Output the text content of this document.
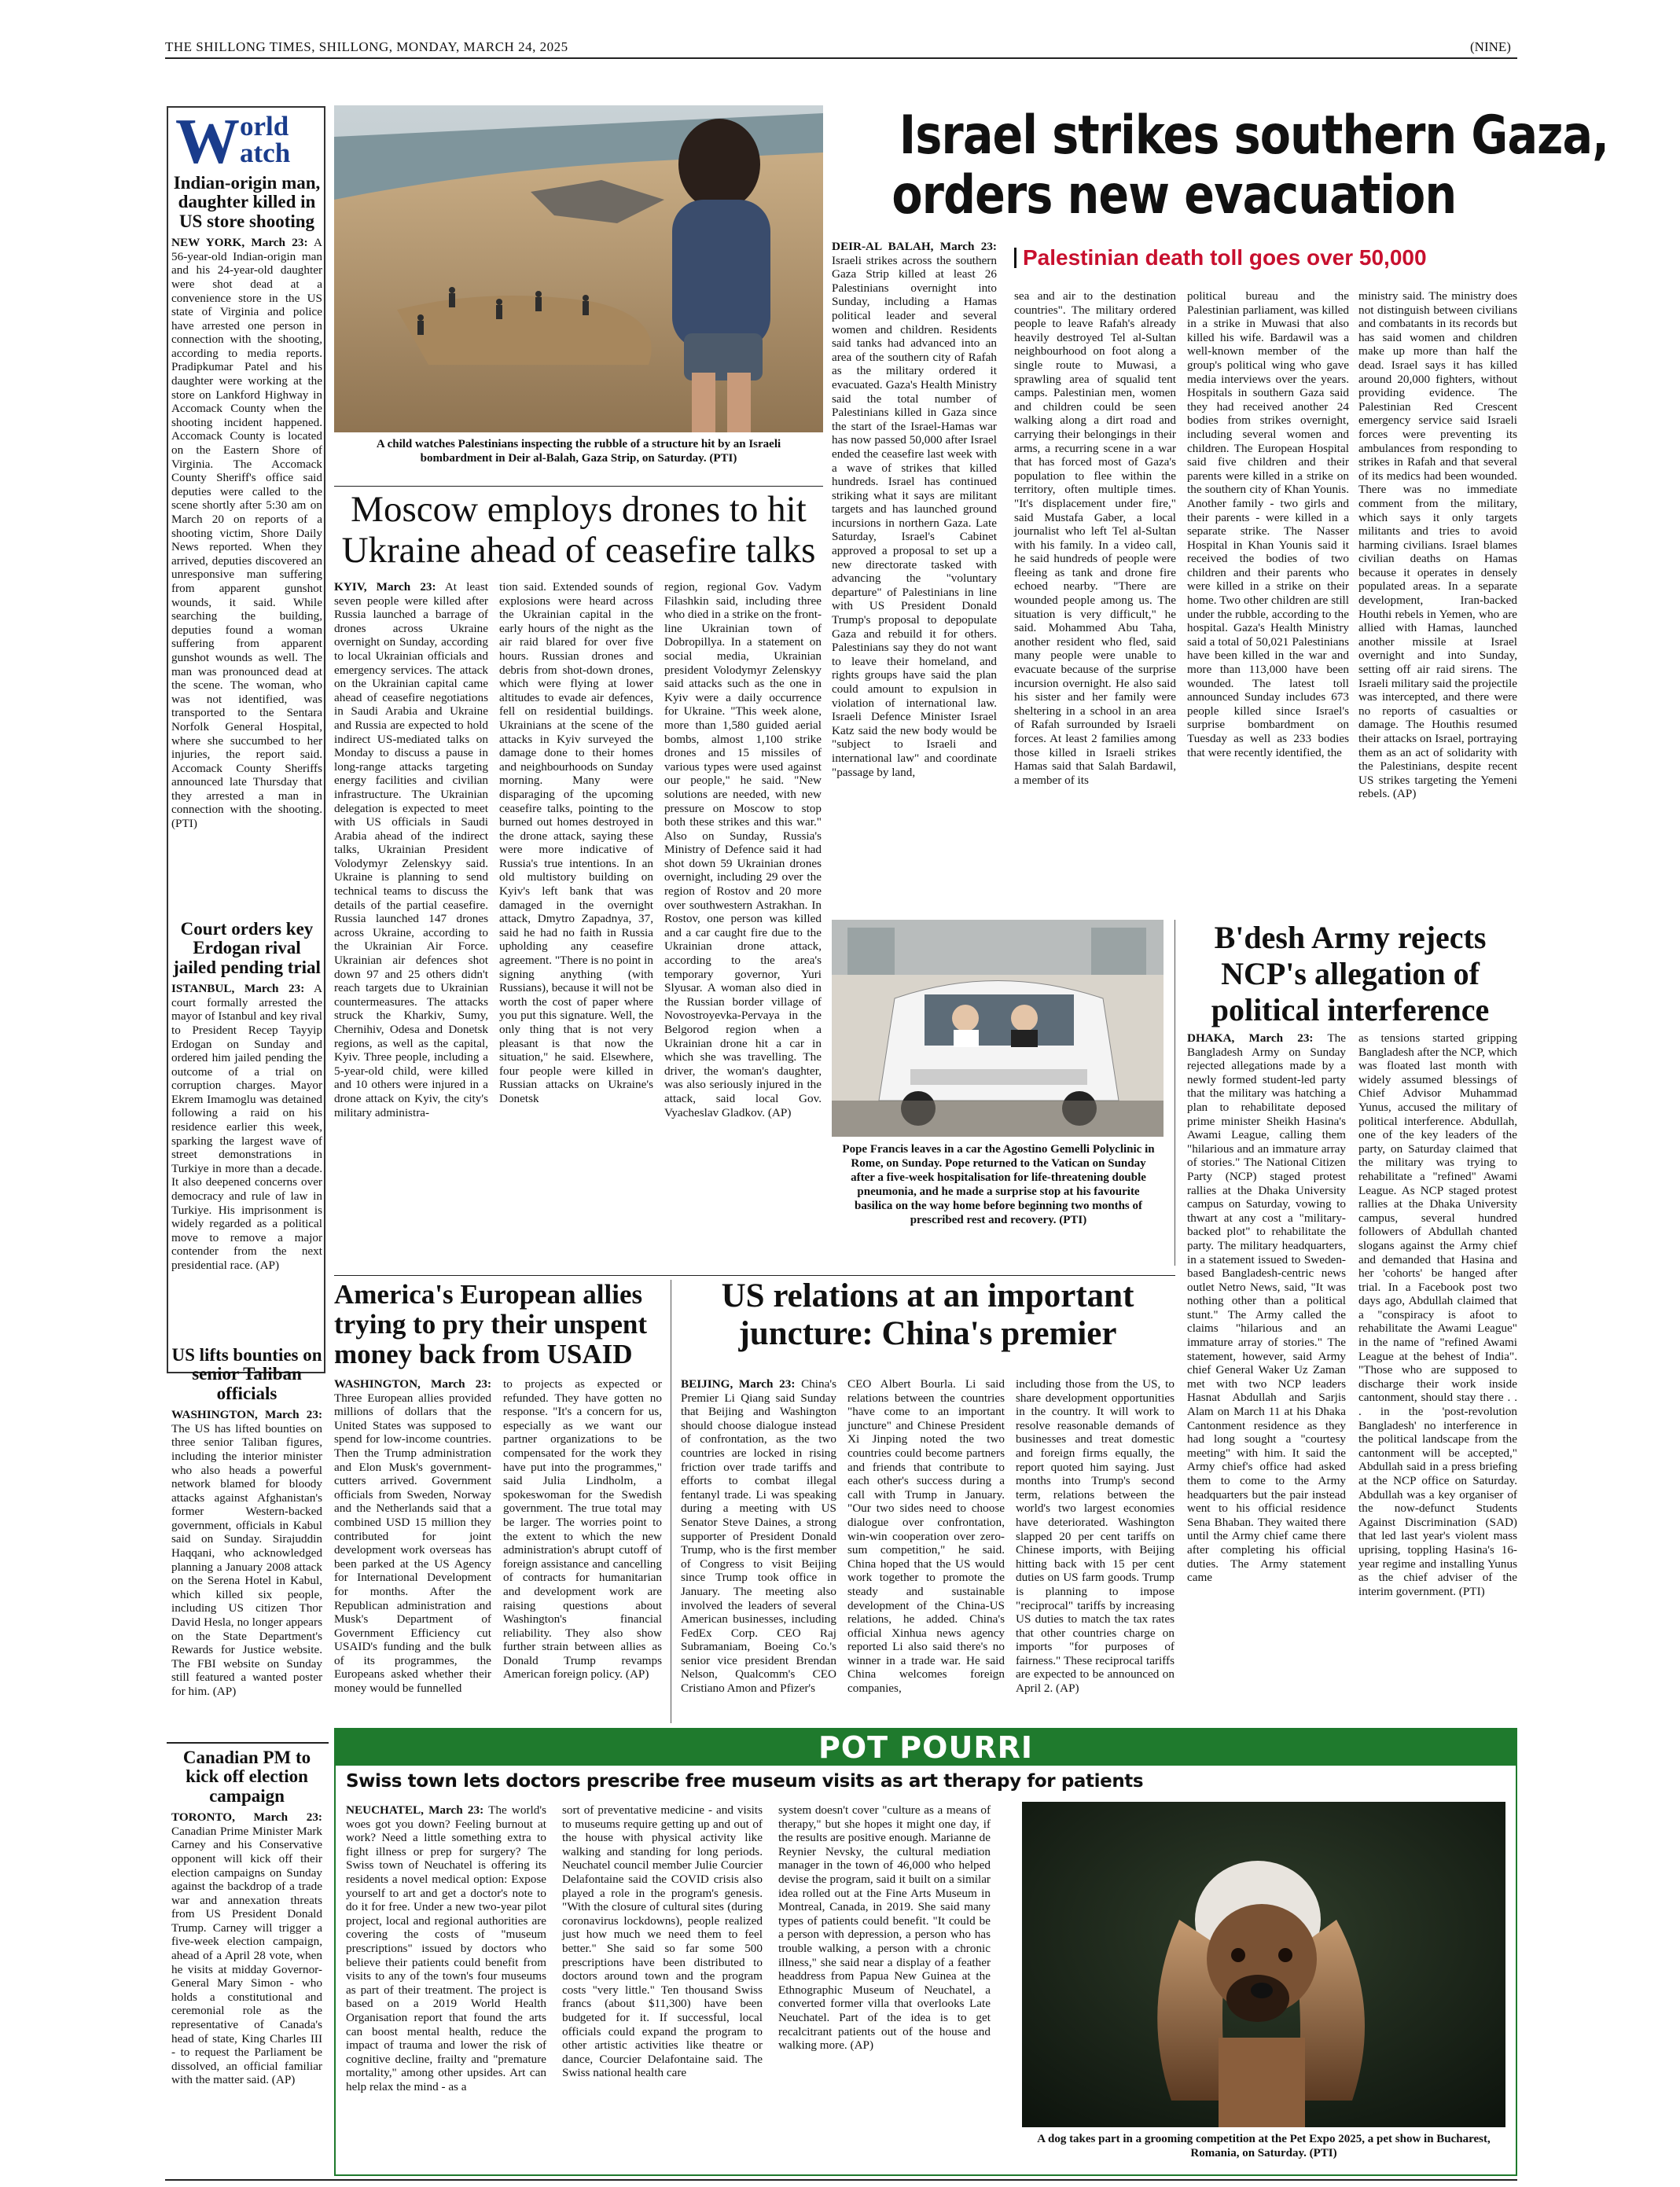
THE SHILLONG TIMES, SHILLONG, MONDAY, MARCH 24, 2025	(NINE)
W orld
atch
Indian-origin man, daughter killed in US store shooting
NEW YORK, March 23: A 56-year-old Indian-origin man and his 24-year-old daughter were shot dead at a convenience store in the US state of Virginia and police have arrested one person in connection with the shooting, according to media reports. Pradipkumar Patel and his daughter were working at the store on Lankford Highway in Accomack County when the shooting incident happened. Accomack County is located on the Eastern Shore of Virginia. The Accomack County Sheriff's office said deputies were called to the scene shortly after 5:30 am on March 20 on reports of a shooting victim, Shore Daily News reported. When they arrived, deputies discovered an unresponsive man suffering from apparent gunshot wounds, it said. While searching the building, deputies found a woman suffering from apparent gunshot wounds as well. The man was pronounced dead at the scene. The woman, who was not identified, was transported to the Sentara Norfolk General Hospital, where she succumbed to her injuries, the report said. Accomack County Sheriffs announced late Thursday that they arrested a man in connection with the shooting. (PTI)
Court orders key Erdogan rival jailed pending trial
ISTANBUL, March 23: A court formally arrested the mayor of Istanbul and key rival to President Recep Tayyip Erdogan on Sunday and ordered him jailed pending the outcome of a trial on corruption charges. Mayor Ekrem Imamoglu was detained following a raid on his residence earlier this week, sparking the largest wave of street demonstrations in Turkiye in more than a decade. It also deepened concerns over democracy and rule of law in Turkiye. His imprisonment is widely regarded as a political move to remove a major contender from the next presidential race. (AP)
US lifts bounties on senior Taliban officials
WASHINGTON, March 23: The US has lifted bounties on three senior Taliban figures, including the interior minister who also heads a powerful network blamed for bloody attacks against Afghanistan's former Western-backed government, officials in Kabul said on Sunday. Sirajuddin Haqqani, who acknowledged planning a January 2008 attack on the Serena Hotel in Kabul, which killed six people, including US citizen Thor David Hesla, no longer appears on the State Department's Rewards for Justice website. The FBI website on Sunday still featured a wanted poster for him. (AP)
Canadian PM to kick off election campaign
TORONTO, March 23: Canadian Prime Minister Mark Carney and his Conservative opponent will kick off their election campaigns on Sunday against the backdrop of a trade war and annexation threats from US President Donald Trump. Carney will trigger a five-week election campaign, ahead of a April 28 vote, when he visits at midday Governor-General Mary Simon - who holds a constitutional and ceremonial role as the representative of Canada's head of state, King Charles III - to request the Parliament be dissolved, an official familiar with the matter said. (AP)
A child watches Palestinians inspecting the rubble of a structure hit by an Israeli bombardment in Deir al-Balah, Gaza Strip, on Saturday. (PTI)
Israel strikes southern Gaza, orders new evacuation
Palestinian death toll goes over 50,000
DEIR-AL BALAH, March 23: Israeli strikes across the southern Gaza Strip killed at least 26 Palestinians overnight into Sunday, including a Hamas political leader and several women and children. Residents said tanks had advanced into an area of the southern city of Rafah as the military ordered it evacuated. Gaza's Health Ministry said the total number of Palestinians killed in Gaza since the start of the Israel-Hamas war has now passed 50,000 after Israel ended the ceasefire last week with a wave of strikes that killed hundreds. Israel has continued striking what it says are militant targets and has launched ground incursions in northern Gaza. Late Saturday, Israel's Cabinet approved a proposal to set up a new directorate tasked with advancing the "voluntary departure" of Palestinians in line with US President Donald Trump's proposal to depopulate Gaza and rebuild it for others. Palestinians say they do not want to leave their homeland, and rights groups have said the plan could amount to expulsion in violation of international law. Israeli Defence Minister Israel Katz said the new body would be "subject to Israeli and international law" and coordinate "passage by land,
sea and air to the destination countries". The military ordered people to leave Rafah's already heavily destroyed Tel al-Sultan neighbourhood on foot along a single route to Muwasi, a sprawling area of squalid tent camps. Palestinian men, women and children could be seen walking along a dirt road and carrying their belongings in their arms, a recurring scene in a war that has forced most of Gaza's population to flee within the territory, often multiple times. "It's displacement under fire," said Mustafa Gaber, a local journalist who left Tel al-Sultan with his family. In a video call, he said hundreds of people were fleeing as tank and drone fire echoed nearby. "There are wounded people among us. The situation is very difficult," he said. Mohammed Abu Taha, another resident who fled, said many people were unable to evacuate because of the surprise incursion overnight. He also said his sister and her family were sheltering in a school in an area of Rafah surrounded by Israeli forces. At least 2 families among those killed in Israeli strikes Hamas said that Salah Bardawil, a member of its
political bureau and the Palestinian parliament, was killed in a strike in Muwasi that also killed his wife. Bardawil was a well-known member of the group's political wing who gave media interviews over the years. Hospitals in southern Gaza said they had received another 24 bodies from strikes overnight, including several women and children. The European Hospital said five children and their parents were killed in a strike on the southern city of Khan Younis. Another family - two girls and their parents - were killed in a separate strike. The Nasser Hospital in Khan Younis said it received the bodies of two children and their parents who were killed in a strike on their home. Two other children are still under the rubble, according to the hospital. Gaza's Health Ministry said a total of 50,021 Palestinians have been killed in the war and more than 113,000 have been wounded. The latest toll announced Sunday includes 673 people killed since Israel's surprise bombardment on Tuesday as well as 233 bodies that were recently identified, the
ministry said. The ministry does not distinguish between civilians and combatants in its records but has said women and children make up more than half the dead. Israel says it has killed around 20,000 fighters, without providing evidence. The Palestinian Red Crescent emergency service said Israeli forces were preventing its ambulances from responding to strikes in Rafah and that several of its medics had been wounded. There was no immediate comment from the military, which says it only targets militants and tries to avoid harming civilians. Israel blames civilian deaths on Hamas because it operates in densely populated areas. In a separate development, Iran-backed Houthi rebels in Yemen, who are allied with Hamas, launched another missile at Israel overnight and into Sunday, setting off air raid sirens. The Israeli military said the projectile was intercepted, and there were no reports of casualties or damage. The Houthis resumed their attacks on Israel, portraying them as an act of solidarity with the Palestinians, despite recent US strikes targeting the Yemeni rebels. (AP)
Moscow employs drones to hit Ukraine ahead of ceasefire talks
KYIV, March 23: At least seven people were killed after Russia launched a barrage of drones across Ukraine overnight on Sunday, according to local Ukrainian officials and emergency services. The attack on the Ukrainian capital came ahead of ceasefire negotiations in Saudi Arabia and Ukraine and Russia are expected to hold indirect US-mediated talks on Monday to discuss a pause in long-range attacks targeting energy facilities and civilian infrastructure. The Ukrainian delegation is expected to meet with US officials in Saudi Arabia ahead of the indirect talks, Ukrainian President Volodymyr Zelenskyy said. Ukraine is planning to send technical teams to discuss the details of the partial ceasefire. Russia launched 147 drones across Ukraine, according to the Ukrainian Air Force. Ukrainian air defences shot down 97 and 25 others didn't reach targets due to Ukrainian countermeasures. The attacks struck the Kharkiv, Sumy, Chernihiv, Odesa and Donetsk regions, as well as the capital, Kyiv. Three people, including a 5-year-old child, were killed and 10 others were injured in a drone attack on Kyiv, the city's military administra-
tion said. Extended sounds of explosions were heard across the Ukrainian capital in the early hours of the night as the air raid blared for over five hours. Russian drones and debris from shot-down drones, which were flying at lower altitudes to evade air defences, fell on residential buildings. Ukrainians at the scene of the attacks in Kyiv surveyed the damage done to their homes and neighbourhoods on Sunday morning. Many were disparaging of the upcoming ceasefire talks, pointing to the burned out homes destroyed in the drone attack, saying these were more indicative of Russia's true intentions. In an old multistory building on Kyiv's left bank that was damaged in the overnight attack, Dmytro Zapadnya, 37, said he had no faith in Russia upholding any ceasefire agreement. "There is no point in signing anything (with Russians), because it will not be worth the cost of paper where you put this signature. Well, the only thing that is not very pleasant is that now the situation," he said. Elsewhere, four people were killed in Russian attacks on Ukraine's Donetsk
region, regional Gov. Vadym Filashkin said, including three who died in a strike on the front-line Ukrainian town of Dobropillya. In a statement on social media, Ukrainian president Volodymyr Zelenskyy said attacks such as the one in Kyiv were a daily occurrence for Ukraine. "This week alone, more than 1,580 guided aerial bombs, almost 1,100 strike drones and 15 missiles of various types were used against our people," he said. "New solutions are needed, with new pressure on Moscow to stop both these strikes and this war." Also on Sunday, Russia's Ministry of Defence said it had shot down 59 Ukrainian drones overnight, including 29 over the region of Rostov and 20 more over southwestern Astrakhan. In Rostov, one person was killed and a car caught fire due to the Ukrainian drone attack, according to the area's temporary governor, Yuri Slyusar. A woman also died in the Russian border village of Novostroyevka-Pervaya in the Belgorod region when a Ukrainian drone hit a car in which she was travelling. The driver, the woman's daughter, was also seriously injured in the attack, said local Gov. Vyacheslav Gladkov. (AP)
Pope Francis leaves in a car the Agostino Gemelli Polyclinic in Rome, on Sunday. Pope returned to the Vatican on Sunday after a five-week hospitalisation for life-threatening double pneumonia, and he made a surprise stop at his favourite basilica on the way home before beginning two months of prescribed rest and recovery. (PTI)
B'desh Army rejects NCP's allegation of political interference
DHAKA, March 23: The Bangladesh Army on Sunday rejected allegations made by a newly formed student-led party that the military was hatching a plan to rehabilitate deposed prime minister Sheikh Hasina's Awami League, calling them "hilarious and an immature array of stories." The National Citizen Party (NCP) staged protest rallies at the Dhaka University campus on Saturday, vowing to thwart at any cost a "military-backed plot" to rehabilitate the party. The military headquarters, in a statement issued to Sweden-based Bangladesh-centric news outlet Netro News, said, "It was nothing other than a political stunt." The Army called the claims "hilarious and an immature array of stories." The statement, however, said Army chief General Waker Uz Zaman met with two NCP leaders Hasnat Abdullah and Sarjis Alam on March 11 at his Dhaka Cantonment residence as they had long sought a "courtesy meeting" with him. It said the Army chief's office had asked them to come to the Army headquarters but the pair instead went to his official residence Sena Bhaban. They waited there until the Army chief came there after completing his official duties. The Army statement came
as tensions started gripping Bangladesh after the NCP, which was floated last month with widely assumed blessings of Chief Advisor Muhammad Yunus, accused the military of political interference. Abdullah, one of the key leaders of the party, on Saturday claimed that the military was trying to rehabilitate a "refined" Awami League. As NCP staged protest rallies at the Dhaka University campus, several hundred followers of Abdullah chanted slogans against the Army chief and demanded that Hasina and her 'cohorts' be hanged after trial. In a Facebook post two days ago, Abdullah claimed that a "conspiracy is afoot to rehabilitate the Awami League" in the name of "refined Awami League at the behest of India". "Those who are supposed to discharge their work inside cantonment, should stay there . . . in the 'post-revolution Bangladesh' no interference in the political landscape from the cantonment will be accepted," Abdullah said in a press briefing at the NCP office on Saturday. Abdullah was a key organiser of the now-defunct Students Against Discrimination (SAD) that led last year's violent mass uprising, toppling Hasina's 16-year regime and installing Yunus as the chief adviser of the interim government. (PTI)
America's European allies trying to pry their unspent money back from USAID
WASHINGTON, March 23: Three European allies provided millions of dollars that the United States was supposed to spend for low-income countries. Then the Trump administration and Elon Musk's government-cutters arrived. Government officials from Sweden, Norway and the Netherlands said that a combined USD 15 million they contributed for joint development work overseas has been parked at the US Agency for International Development for months. After the Republican administration and Musk's Department of Government Efficiency cut USAID's funding and the bulk of its programmes, the Europeans asked whether their money would be funnelled
to projects as expected or refunded. They have gotten no response. "It's a concern for us, especially as we want our partner organizations to be compensated for the work they have put into the programmes," said Julia Lindholm, a spokeswoman for the Swedish government. The true total may be larger. The worries point to the extent to which the new administration's abrupt cutoff of foreign assistance and cancelling of contracts for humanitarian and development work are raising questions about Washington's financial reliability. They also show further strain between allies as Donald Trump revamps American foreign policy. (AP)
US relations at an important juncture: China's premier
BEIJING, March 23: China's Premier Li Qiang said Sunday that Beijing and Washington should choose dialogue instead of confrontation, as the two countries are locked in rising friction over trade tariffs and efforts to combat illegal fentanyl trade. Li was speaking during a meeting with US Senator Steve Daines, a strong supporter of President Donald Trump, who is the first member of Congress to visit Beijing since Trump took office in January. The meeting also involved the leaders of several American businesses, including FedEx Corp. CEO Raj Subramaniam, Boeing Co.'s senior vice president Brendan Nelson, Qualcomm's CEO Cristiano Amon and Pfizer's
CEO Albert Bourla. Li said relations between the countries "have come to an important juncture" and Chinese President Xi Jinping noted the two countries could become partners and friends that contribute to each other's success during a call with Trump in January. "Our two sides need to choose dialogue over confrontation, win-win cooperation over zero-sum competition," he said. China hoped that the US would work together to promote the steady and sustainable development of the China-US relations, he added. China's official Xinhua news agency reported Li also said there's no winner in a trade war. He said China welcomes foreign companies,
including those from the US, to share development opportunities in the country. It will work to resolve reasonable demands of businesses and treat domestic and foreign firms equally, the report quoted him saying. Just months into Trump's second term, relations between the world's two largest economies have deteriorated. Washington slapped 20 per cent tariffs on Chinese imports, with Beijing hitting back with 15 per cent duties on US farm goods. Trump is planning to impose "reciprocal" tariffs by increasing US duties to match the tax rates that other countries charge on imports "for purposes of fairness." These reciprocal tariffs are expected to be announced on April 2. (AP)
POT POURRI
Swiss town lets doctors prescribe free museum visits as art therapy for patients
NEUCHATEL, March 23: The world's woes got you down? Feeling burnout at work? Need a little something extra to fight illness or prep for surgery? The Swiss town of Neuchatel is offering its residents a novel medical option: Expose yourself to art and get a doctor's note to do it for free. Under a new two-year pilot project, local and regional authorities are covering the costs of "museum prescriptions" issued by doctors who believe their patients could benefit from visits to any of the town's four museums as part of their treatment. The project is based on a 2019 World Health Organisation report that found the arts can boost mental health, reduce the impact of trauma and lower the risk of cognitive decline, frailty and "premature mortality," among other upsides. Art can help relax the mind - as a
sort of preventative medicine - and visits to museums require getting up and out of the house with physical activity like walking and standing for long periods. Neuchatel council member Julie Courcier Delafontaine said the COVID crisis also played a role in the program's genesis. "With the closure of cultural sites (during coronavirus lockdowns), people realized just how much we need them to feel better." She said so far some 500 prescriptions have been distributed to doctors around town and the program costs "very little." Ten thousand Swiss francs (about $11,300) have been budgeted for it. If successful, local officials could expand the program to other artistic activities like theatre or dance, Courcier Delafontaine said. The Swiss national health care
system doesn't cover "culture as a means of therapy," but she hopes it might one day, if the results are positive enough. Marianne de Reynier Nevsky, the cultural mediation manager in the town of 46,000 who helped devise the program, said it built on a similar idea rolled out at the Fine Arts Museum in Montreal, Canada, in 2019. She said many types of patients could benefit. "It could be a person with depression, a person who has trouble walking, a person with a chronic illness," she said near a display of a feather headdress from Papua New Guinea at the Ethnographic Museum of Neuchatel, a converted former villa that overlooks Late Neuchatel. Part of the idea is to get recalcitrant patients out of the house and walking more. (AP)
A dog takes part in a grooming competition at the Pet Expo 2025, a pet show in Bucharest, Romania, on Saturday. (PTI)
